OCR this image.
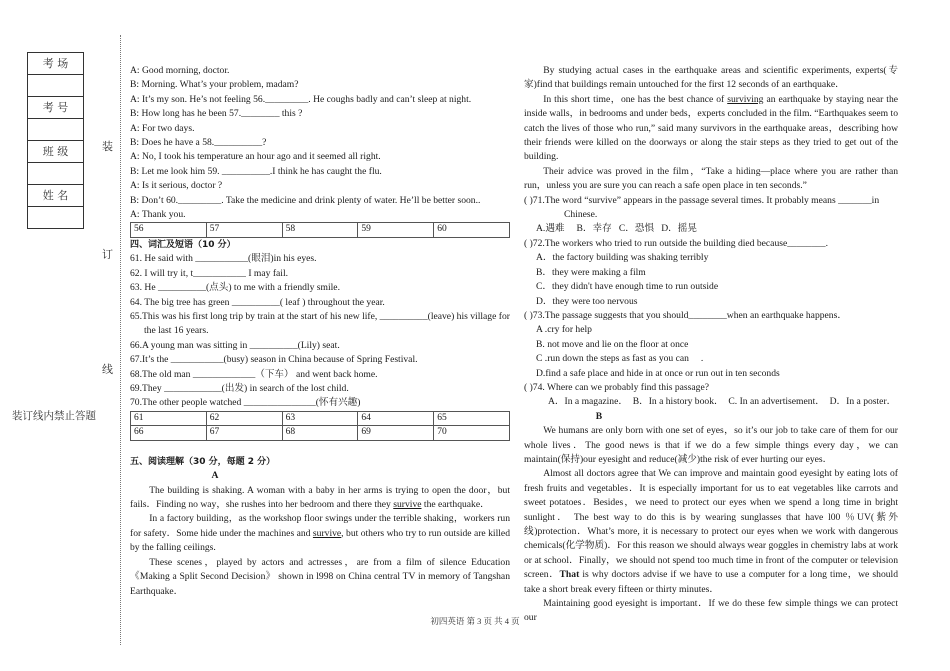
考 场
考 号
班 级
姓 名
装
订
线
装订线内禁止答题
A: Good morning, doctor.
B: Morning. What’s your problem, madam?
A: It’s my son. He’s not feeling 56._________. He coughs badly and can’t sleep at night.
B: How long has he been 57.________ this ?
A: For two days.
B: Does he have a 58.__________?
A: No, I took his temperature an hour ago and it seemed all right.
B: Let me look him 59. __________.I think he has caught the flu.
A: Is it serious, doctor ?
B: Don’t 60._________. Take the medicine and drink plenty of water. He’ll be better soon..
A: Thank you.
56	57	58	59	60
四、词汇及短语（10 分）
61. He said with ___________(眼泪)in his eyes.
62. I will try it, t___________ I may fail.
63. He __________(点头) to me with a friendly smile.
64. The big tree has green __________( leaf ) throughout the year.
65.This was his first long trip by train at the start of his new life, __________(leave) his village for the last 16 years.
66.A young man was sitting in __________(Lily) seat.
67.It’s the ___________(busy) season in China because of Spring Festival.
68.The old man _____________（下车） and went back home.
69.They ____________(出发) in search of the lost child.
70.The other people watched _______________(怀有兴趣)
61	62	63	64	65
66	67	68	69	70
五、阅读理解（30 分，每题 2 分）
A
The building is shaking. A woman with a baby in her arms is trying to open the door，but fails．Finding no way，she rushes into her bedroom and there they survive the earthquake．
In a factory building，as the workshop floor swings under the terrible shaking，workers run for safety．Some hide under the machines and survive, but others who try to run outside are killed by the falling ceilings.
These scenes，played by actors and actresses，are from a film of silence Education《Making a Split Second Decision》 shown in l998 on China central TV in memory of Tangshan Earthquake．
By studying actual cases in the earthquake areas and scientific experiments, experts(专家)find that buildings remain untouched for the first 12 seconds of an earthquake．
In this short time，one has the best chance of surviving an earthquake by staying near the inside walls，in bedrooms and under beds，experts concluded in the film. “Earthquakes seem to catch the lives of those who run,” said many survivors in the earthquake areas，describing how their friends were killed on the doorways or along the stair steps as they tried to get out of the building.
Their advice was proved in the film，“Take a hiding—place where you are rather than run，unless you are sure you can reach a safe open place in ten seconds.”
( )71.The word “survive” appears in the passage several times. It probably means _______in
Chinese.
A.遇难     B．幸存   C．恐惧   D．摇晃
( )72.The workers who tried to run outside the building died because________.
A．the factory building was shaking terribly
B．they were making a film
C．they didn't have enough time to run outside
D．they were too nervous
( )73.The passage suggests that you should________when an earthquake happens．
A .cry for help
B. not move and lie on the floor at once
C .run down the steps as fast as you can     .
D.find a safe place and hide in at once or run out in ten seconds
( )74. Where can we probably find this passage?
A．In a magazine．  B．In a history book．  C. In an advertisement．  D．In a poster．
B
We humans are only born with one set of eyes，so it’s our job to take care of them for our whole lives．The good news is that if we do a few simple things every day，we can maintain(保持)our eyesight and reduce(减少)the risk of ever hurting our eyes．
Almost all doctors agree that We can improve and maintain good eyesight by eating lots of fresh fruits and vegetables．It is especially important for us to eat vegetables like carrots and sweet potatoes．Besides，we need to protect our eyes when we spend a long time in bright sunlight． The best way to do this is by wearing sunglasses that have l00 ％UV(紫外线)protection．What’s more, it is necessary to protect our eyes when we work with dangerous chemicals(化学物质)．For this reason we should always wear goggles in chemistry labs at work or at school．Finally，we should not spend too much time in front of the computer or television screen．That is why doctors advise if we have to use a computer for a long time，we should take a short break every fifteen or thirty minutes．
Maintaining good eyesight is important．If we do these few simple things we can protect our
初四英语 第 3 页 共 4 页
